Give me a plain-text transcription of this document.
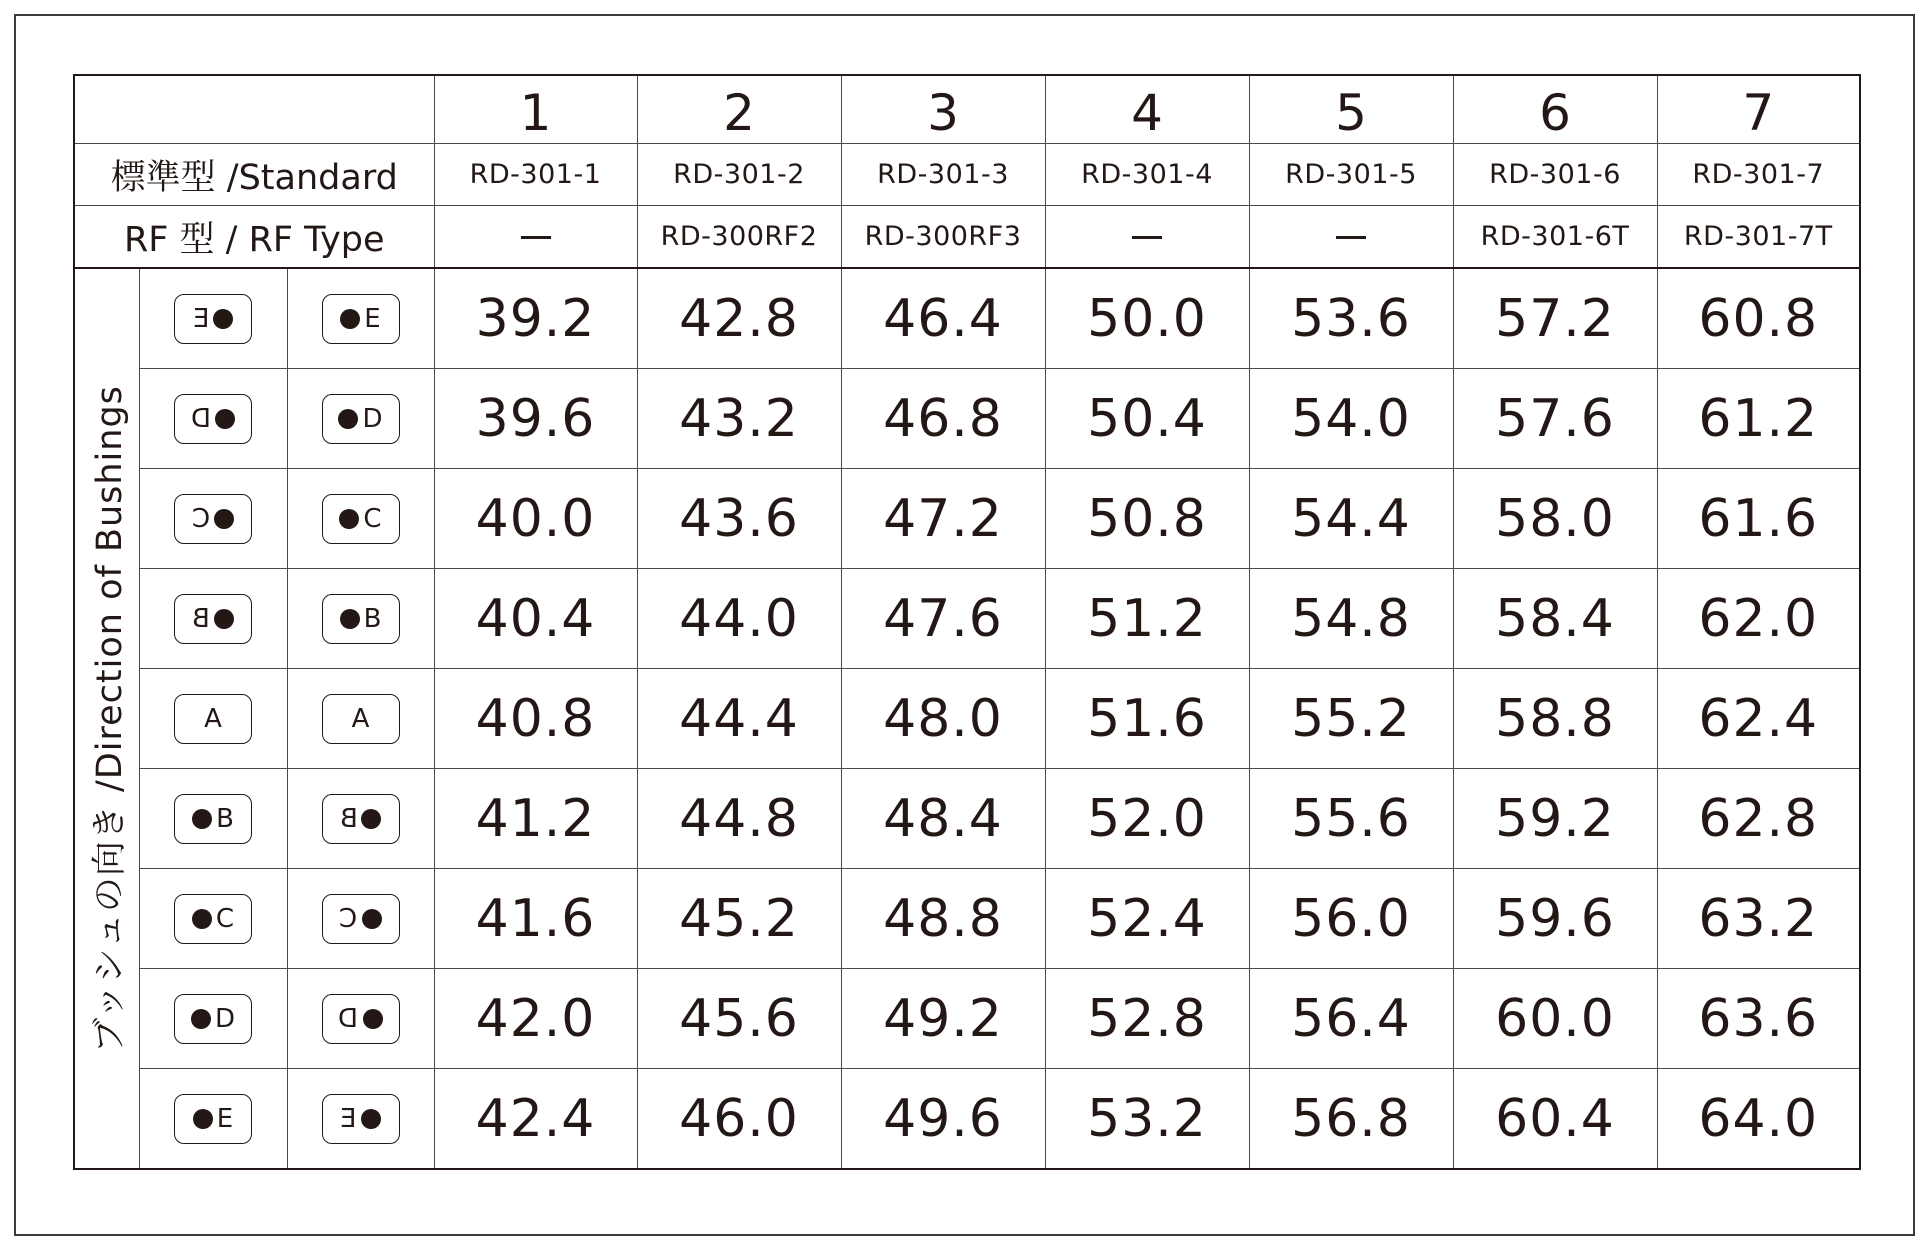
			1	2	3	4	5	6	7
標準型 /Standard			RD-301-1	RD-301-2	RD-301-3	RD-301-4	RD-301-5	RD-301-6	RD-301-7
RF 型 / RF Type				RD-300RF2	RD-300RF3			RD-301-6T	RD-301-7T

ブッシュの向き /Direction of Bushings	E	E	39.2	42.8	46.4	50.0	53.6	57.2	60.8

	D	D	39.6	43.2	46.8	50.4	54.0	57.6	61.2

	C	C	40.0	43.6	47.2	50.8	54.4	58.0	61.6

	B	B	40.4	44.0	47.6	51.2	54.8	58.4	62.0

	A	A	40.8	44.4	48.0	51.6	55.2	58.8	62.4

	B	B	41.2	44.8	48.4	52.0	55.6	59.2	62.8

	C	C	41.6	45.2	48.8	52.4	56.0	59.6	63.2

	D	D	42.0	45.6	49.2	52.8	56.4	60.0	63.6

	E	E	42.4	46.0	49.6	53.2	56.8	60.4	64.0
